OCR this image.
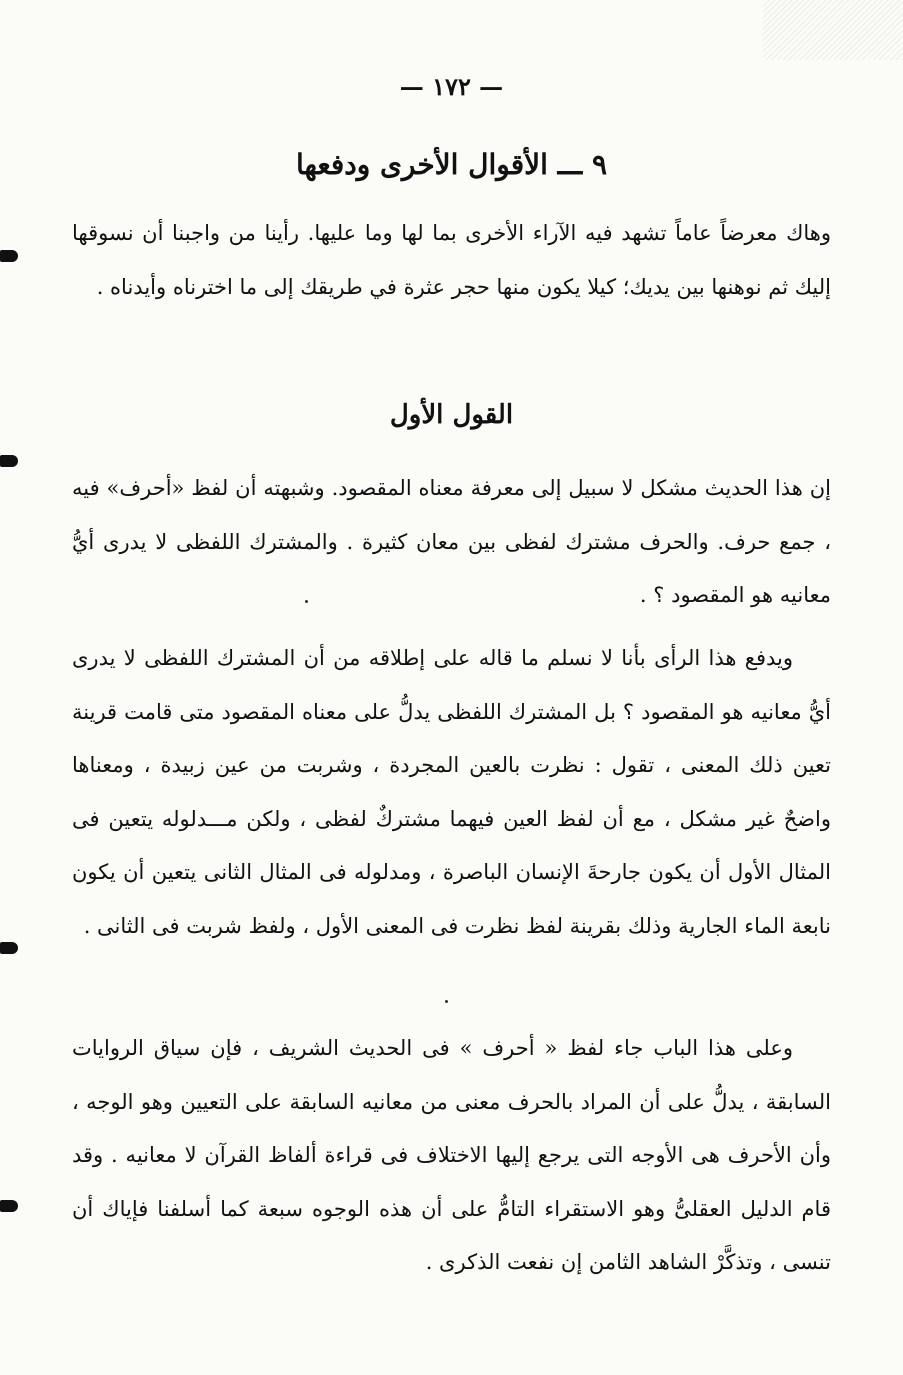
— ١٧٢ —
٩ ـــ الأقوال الأخرى ودفعها

وهاك معرضاً عاماً تشهد فيه الآراء الأخرى بما لها وما عليها. رأينا من واجبنا أن نسوقها إليك ثم نوهنها بين يديك؛ كيلا يكون منها حجر عثرة في طريقك إلى ما اخترناه وأيدناه .

القول الأول

إن هذا الحديث مشكل لا سبيل إلى معرفة معناه المقصود. وشبهته أن لفظ «أحرف» فيه ، جمع حرف. والحرف مشترك لفظى بين معان كثيرة . والمشترك اللفظى لا يدرى أيُّ معانيه هو المقصود ؟ .

ويدفع هذا الرأى بأنا لا نسلم ما قاله على إطلاقه من أن المشترك اللفظى لا يدرى أيُّ معانيه هو المقصود ؟ بل المشترك اللفظى يدلُّ على معناه المقصود متى قامت قرينة تعين ذلك المعنى ، تقول : نظرت بالعين المجردة ، وشربت من عين زبيدة ، ومعناها واضحٌ غير مشكل ، مع أن لفظ العين فيهما مشتركٌ لفظى ، ولكن مـــدلوله يتعين فى المثال الأول أن يكون جارحةَ الإنسان الباصرة ، ومدلوله فى المثال الثانى يتعين أن يكون نابعة الماء الجارية وذلك بقرينة لفظ نظرت فى المعنى الأول ، ولفظ شربت فى الثانى .

وعلى هذا الباب جاء لفظ « أحرف » فى الحديث الشريف ، فإن سياق الروايات السابقة ، يدلُّ على أن المراد بالحرف معنى من معانيه السابقة على التعيين وهو الوجه ، وأن الأحرف هى الأوجه التى يرجع إليها الاختلاف فى قراءة ألفاظ القرآن لا معانيه . وقد قام الدليل العقلىُّ وهو الاستقراء التامُّ على أن هذه الوجوه سبعة كما أسلفنا فإياك أن تنسى ، وتذكَّرْ الشاهد الثامن إن نفعت الذكرى .
